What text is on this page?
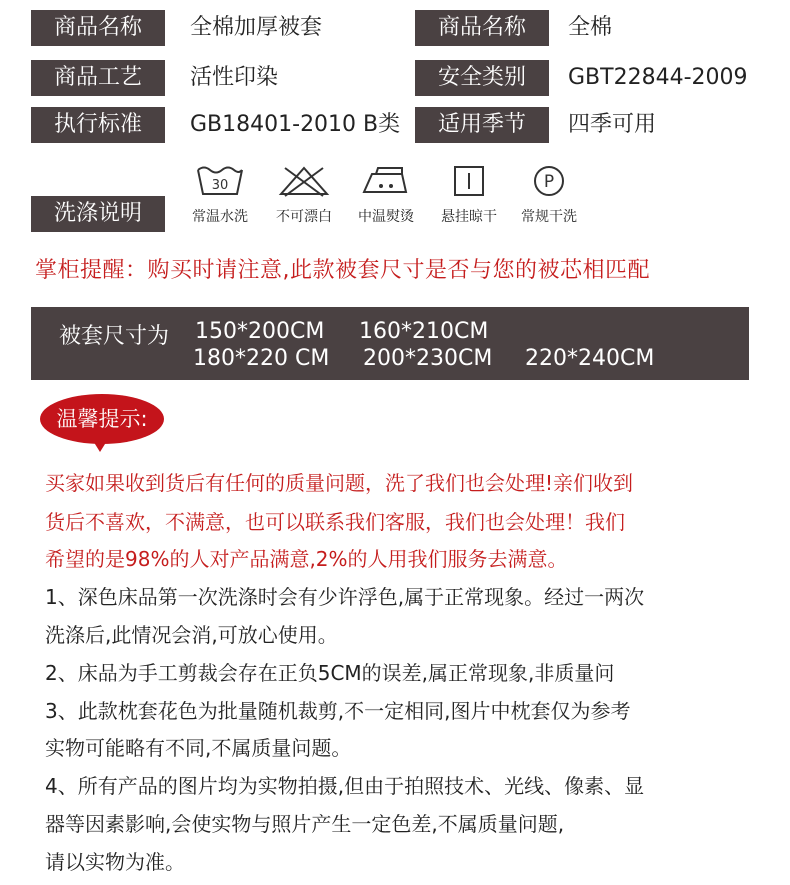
商品名称	全棉加厚被套	商品名称	全棉
商品工艺	活性印染	安全类别	GBT22844-2009
执行标准	GB18401-2010 B类	适用季节	四季可用
洗涤说明
30
常温水洗	不可漂白	中温熨烫	悬挂晾干
P
常规干洗
掌柜提醒：购买时请注意,此款被套尺寸是否与您的被芯相匹配
被套尺寸为 150*200CM 160*210CM
180*220 CM 200*230CM 220*240CM
温馨提示:
买家如果收到货后有任何的质量问题，洗了我们也会处理!亲们收到
货后不喜欢，不满意，也可以联系我们客服，我们也会处理！我们
希望的是98%的人对产品满意,2%的人用我们服务去满意。
1、深色床品第一次洗涤时会有少许浮色,属于正常现象。经过一两次
洗涤后,此情况会消,可放心使用。
2、床品为手工剪裁会存在正负5CM的误差,属正常现象,非质量问
3、此款枕套花色为批量随机裁剪,不一定相同,图片中枕套仅为参考
实物可能略有不同,不属质量问题。
4、所有产品的图片均为实物拍摄,但由于拍照技术、光线、像素、显
器等因素影响,会使实物与照片产生一定色差,不属质量问题,
请以实物为准。
